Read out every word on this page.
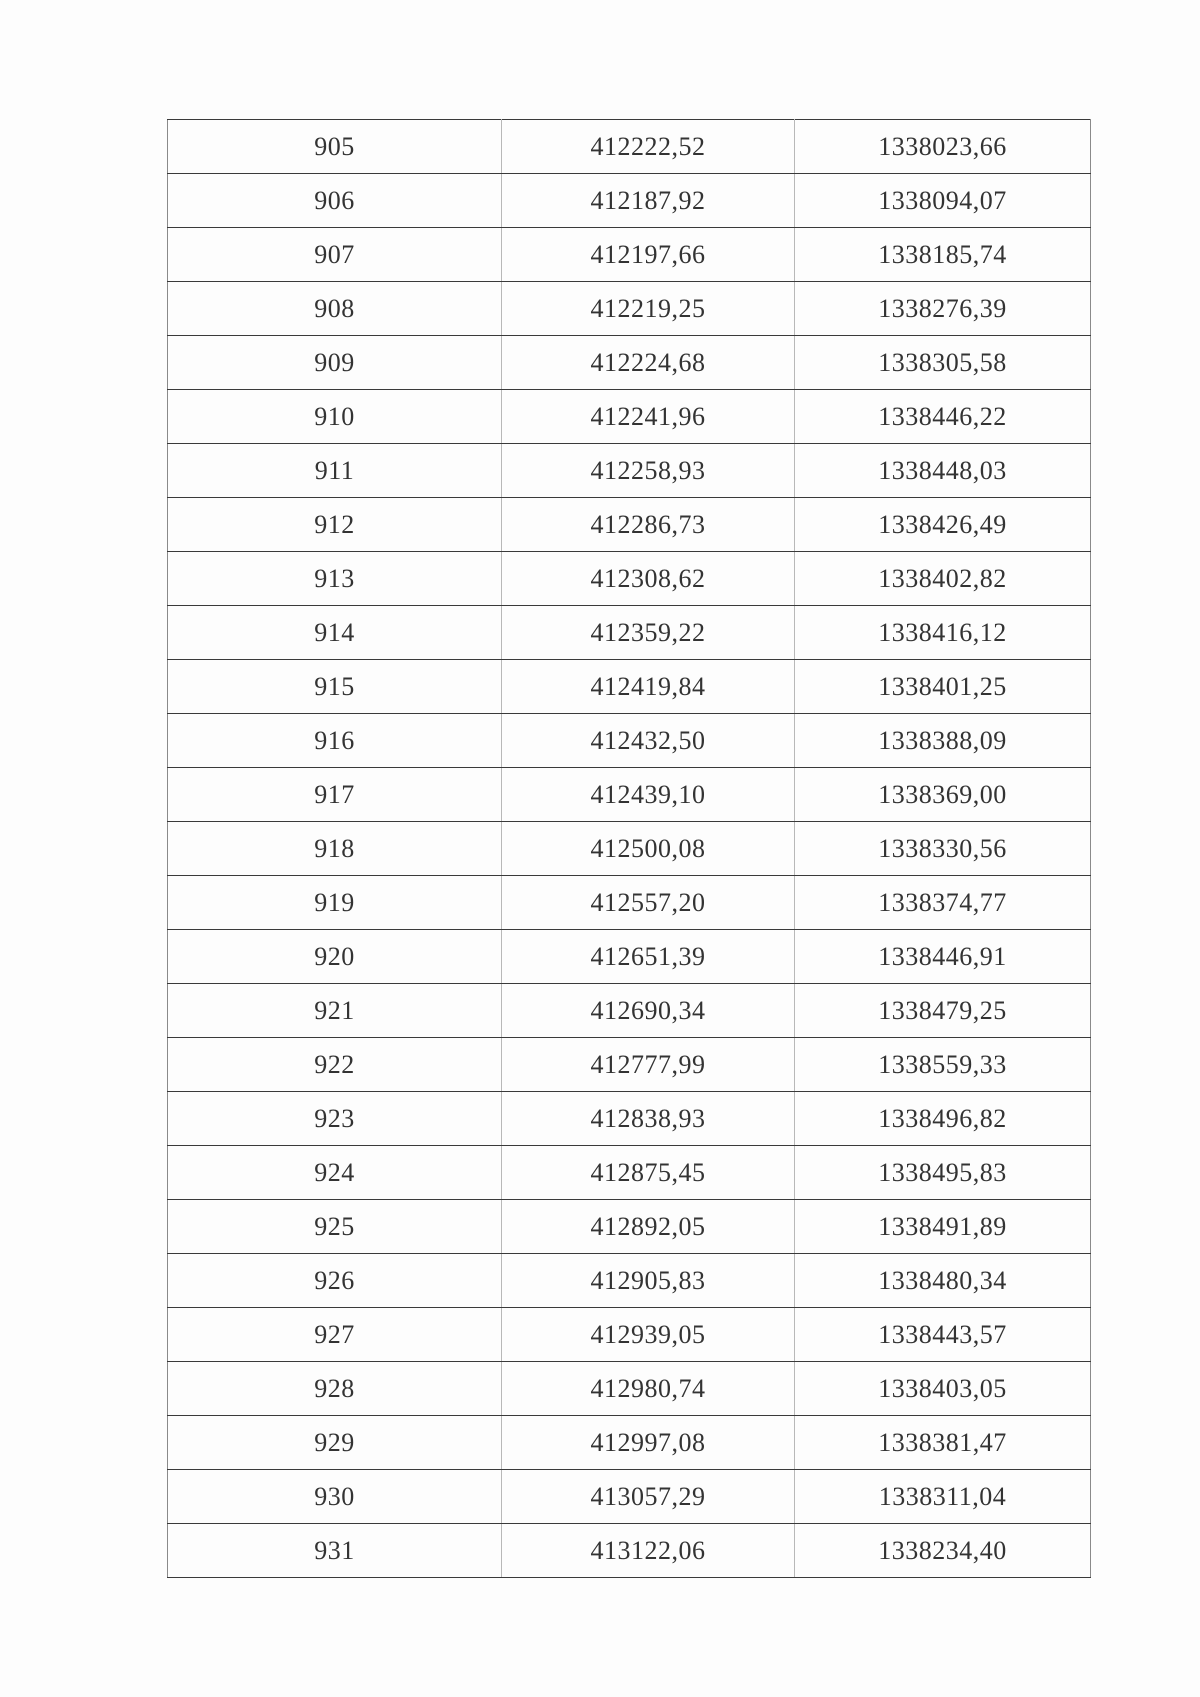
905	412222,52	1338023,66
906	412187,92	1338094,07
907	412197,66	1338185,74
908	412219,25	1338276,39
909	412224,68	1338305,58
910	412241,96	1338446,22
911	412258,93	1338448,03
912	412286,73	1338426,49
913	412308,62	1338402,82
914	412359,22	1338416,12
915	412419,84	1338401,25
916	412432,50	1338388,09
917	412439,10	1338369,00
918	412500,08	1338330,56
919	412557,20	1338374,77
920	412651,39	1338446,91
921	412690,34	1338479,25
922	412777,99	1338559,33
923	412838,93	1338496,82
924	412875,45	1338495,83
925	412892,05	1338491,89
926	412905,83	1338480,34
927	412939,05	1338443,57
928	412980,74	1338403,05
929	412997,08	1338381,47
930	413057,29	1338311,04
931	413122,06	1338234,40
